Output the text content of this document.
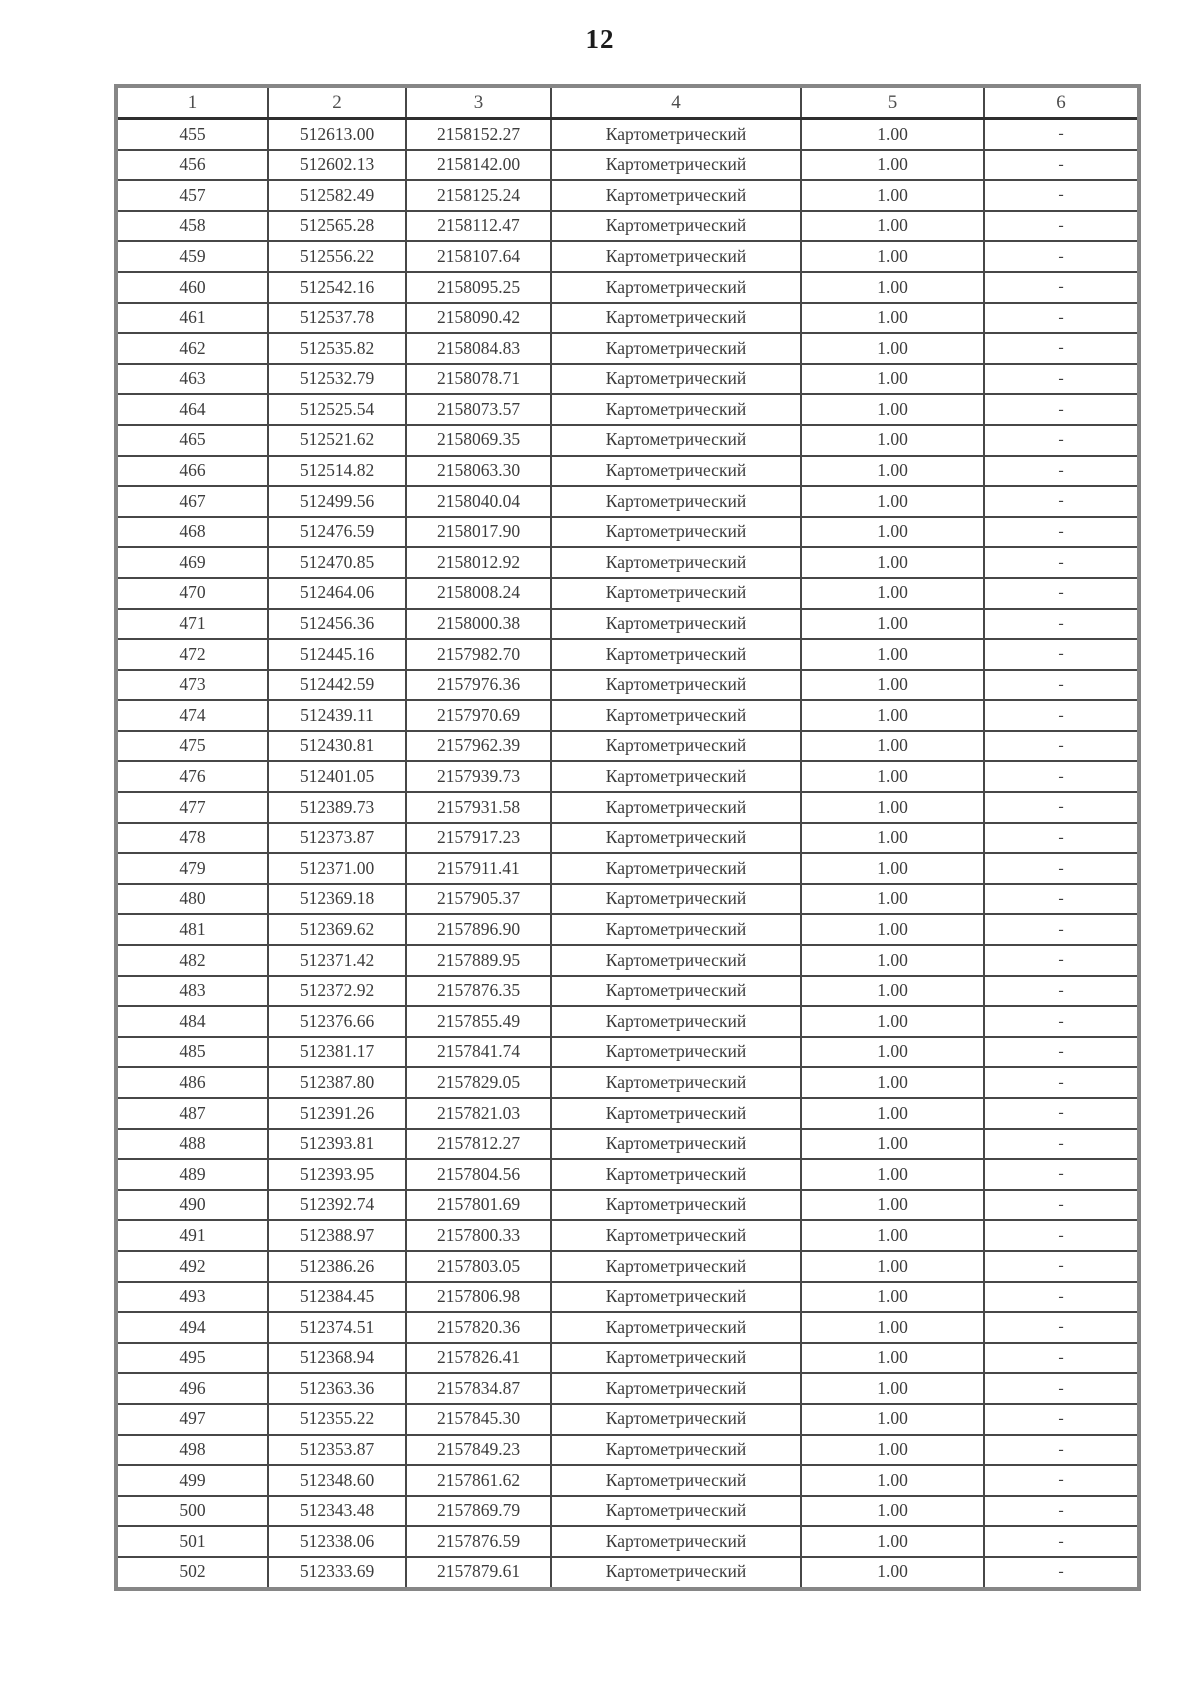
12
1	2	3	4	5	6
455	512613.00	2158152.27	Картометрический	1.00	-
456	512602.13	2158142.00	Картометрический	1.00	-
457	512582.49	2158125.24	Картометрический	1.00	-
458	512565.28	2158112.47	Картометрический	1.00	-
459	512556.22	2158107.64	Картометрический	1.00	-
460	512542.16	2158095.25	Картометрический	1.00	-
461	512537.78	2158090.42	Картометрический	1.00	-
462	512535.82	2158084.83	Картометрический	1.00	-
463	512532.79	2158078.71	Картометрический	1.00	-
464	512525.54	2158073.57	Картометрический	1.00	-
465	512521.62	2158069.35	Картометрический	1.00	-
466	512514.82	2158063.30	Картометрический	1.00	-
467	512499.56	2158040.04	Картометрический	1.00	-
468	512476.59	2158017.90	Картометрический	1.00	-
469	512470.85	2158012.92	Картометрический	1.00	-
470	512464.06	2158008.24	Картометрический	1.00	-
471	512456.36	2158000.38	Картометрический	1.00	-
472	512445.16	2157982.70	Картометрический	1.00	-
473	512442.59	2157976.36	Картометрический	1.00	-
474	512439.11	2157970.69	Картометрический	1.00	-
475	512430.81	2157962.39	Картометрический	1.00	-
476	512401.05	2157939.73	Картометрический	1.00	-
477	512389.73	2157931.58	Картометрический	1.00	-
478	512373.87	2157917.23	Картометрический	1.00	-
479	512371.00	2157911.41	Картометрический	1.00	-
480	512369.18	2157905.37	Картометрический	1.00	-
481	512369.62	2157896.90	Картометрический	1.00	-
482	512371.42	2157889.95	Картометрический	1.00	-
483	512372.92	2157876.35	Картометрический	1.00	-
484	512376.66	2157855.49	Картометрический	1.00	-
485	512381.17	2157841.74	Картометрический	1.00	-
486	512387.80	2157829.05	Картометрический	1.00	-
487	512391.26	2157821.03	Картометрический	1.00	-
488	512393.81	2157812.27	Картометрический	1.00	-
489	512393.95	2157804.56	Картометрический	1.00	-
490	512392.74	2157801.69	Картометрический	1.00	-
491	512388.97	2157800.33	Картометрический	1.00	-
492	512386.26	2157803.05	Картометрический	1.00	-
493	512384.45	2157806.98	Картометрический	1.00	-
494	512374.51	2157820.36	Картометрический	1.00	-
495	512368.94	2157826.41	Картометрический	1.00	-
496	512363.36	2157834.87	Картометрический	1.00	-
497	512355.22	2157845.30	Картометрический	1.00	-
498	512353.87	2157849.23	Картометрический	1.00	-
499	512348.60	2157861.62	Картометрический	1.00	-
500	512343.48	2157869.79	Картометрический	1.00	-
501	512338.06	2157876.59	Картометрический	1.00	-
502	512333.69	2157879.61	Картометрический	1.00	-
